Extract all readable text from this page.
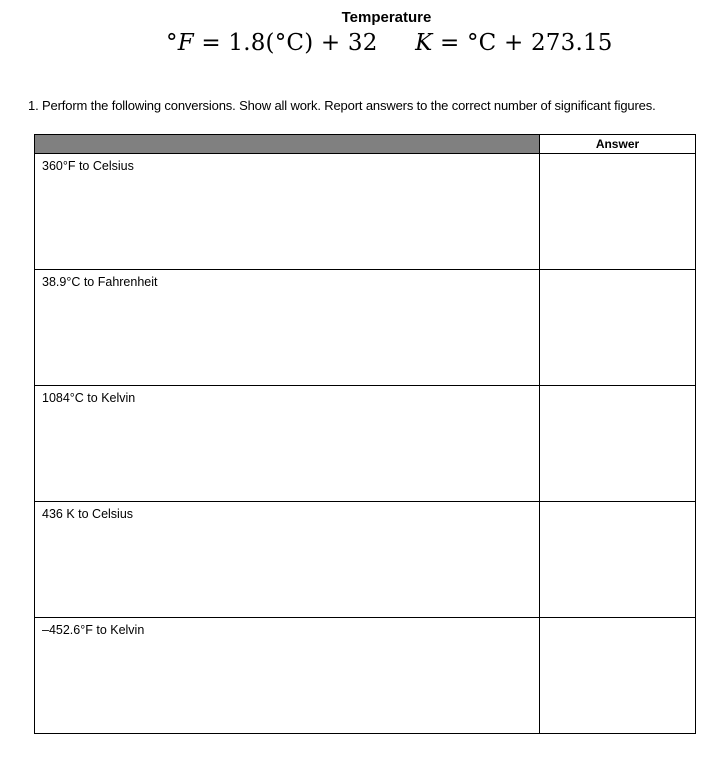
Temperature
°F = 1.8(°C) + 32 K = °C + 273.15
1. Perform the following conversions. Show all work. Report answers to the correct number of significant figures.
	Answer

360°F to Celsius	

38.9°C to Fahrenheit	

1084°C to Kelvin	

436 K to Celsius	

–452.6°F to Kelvin	
